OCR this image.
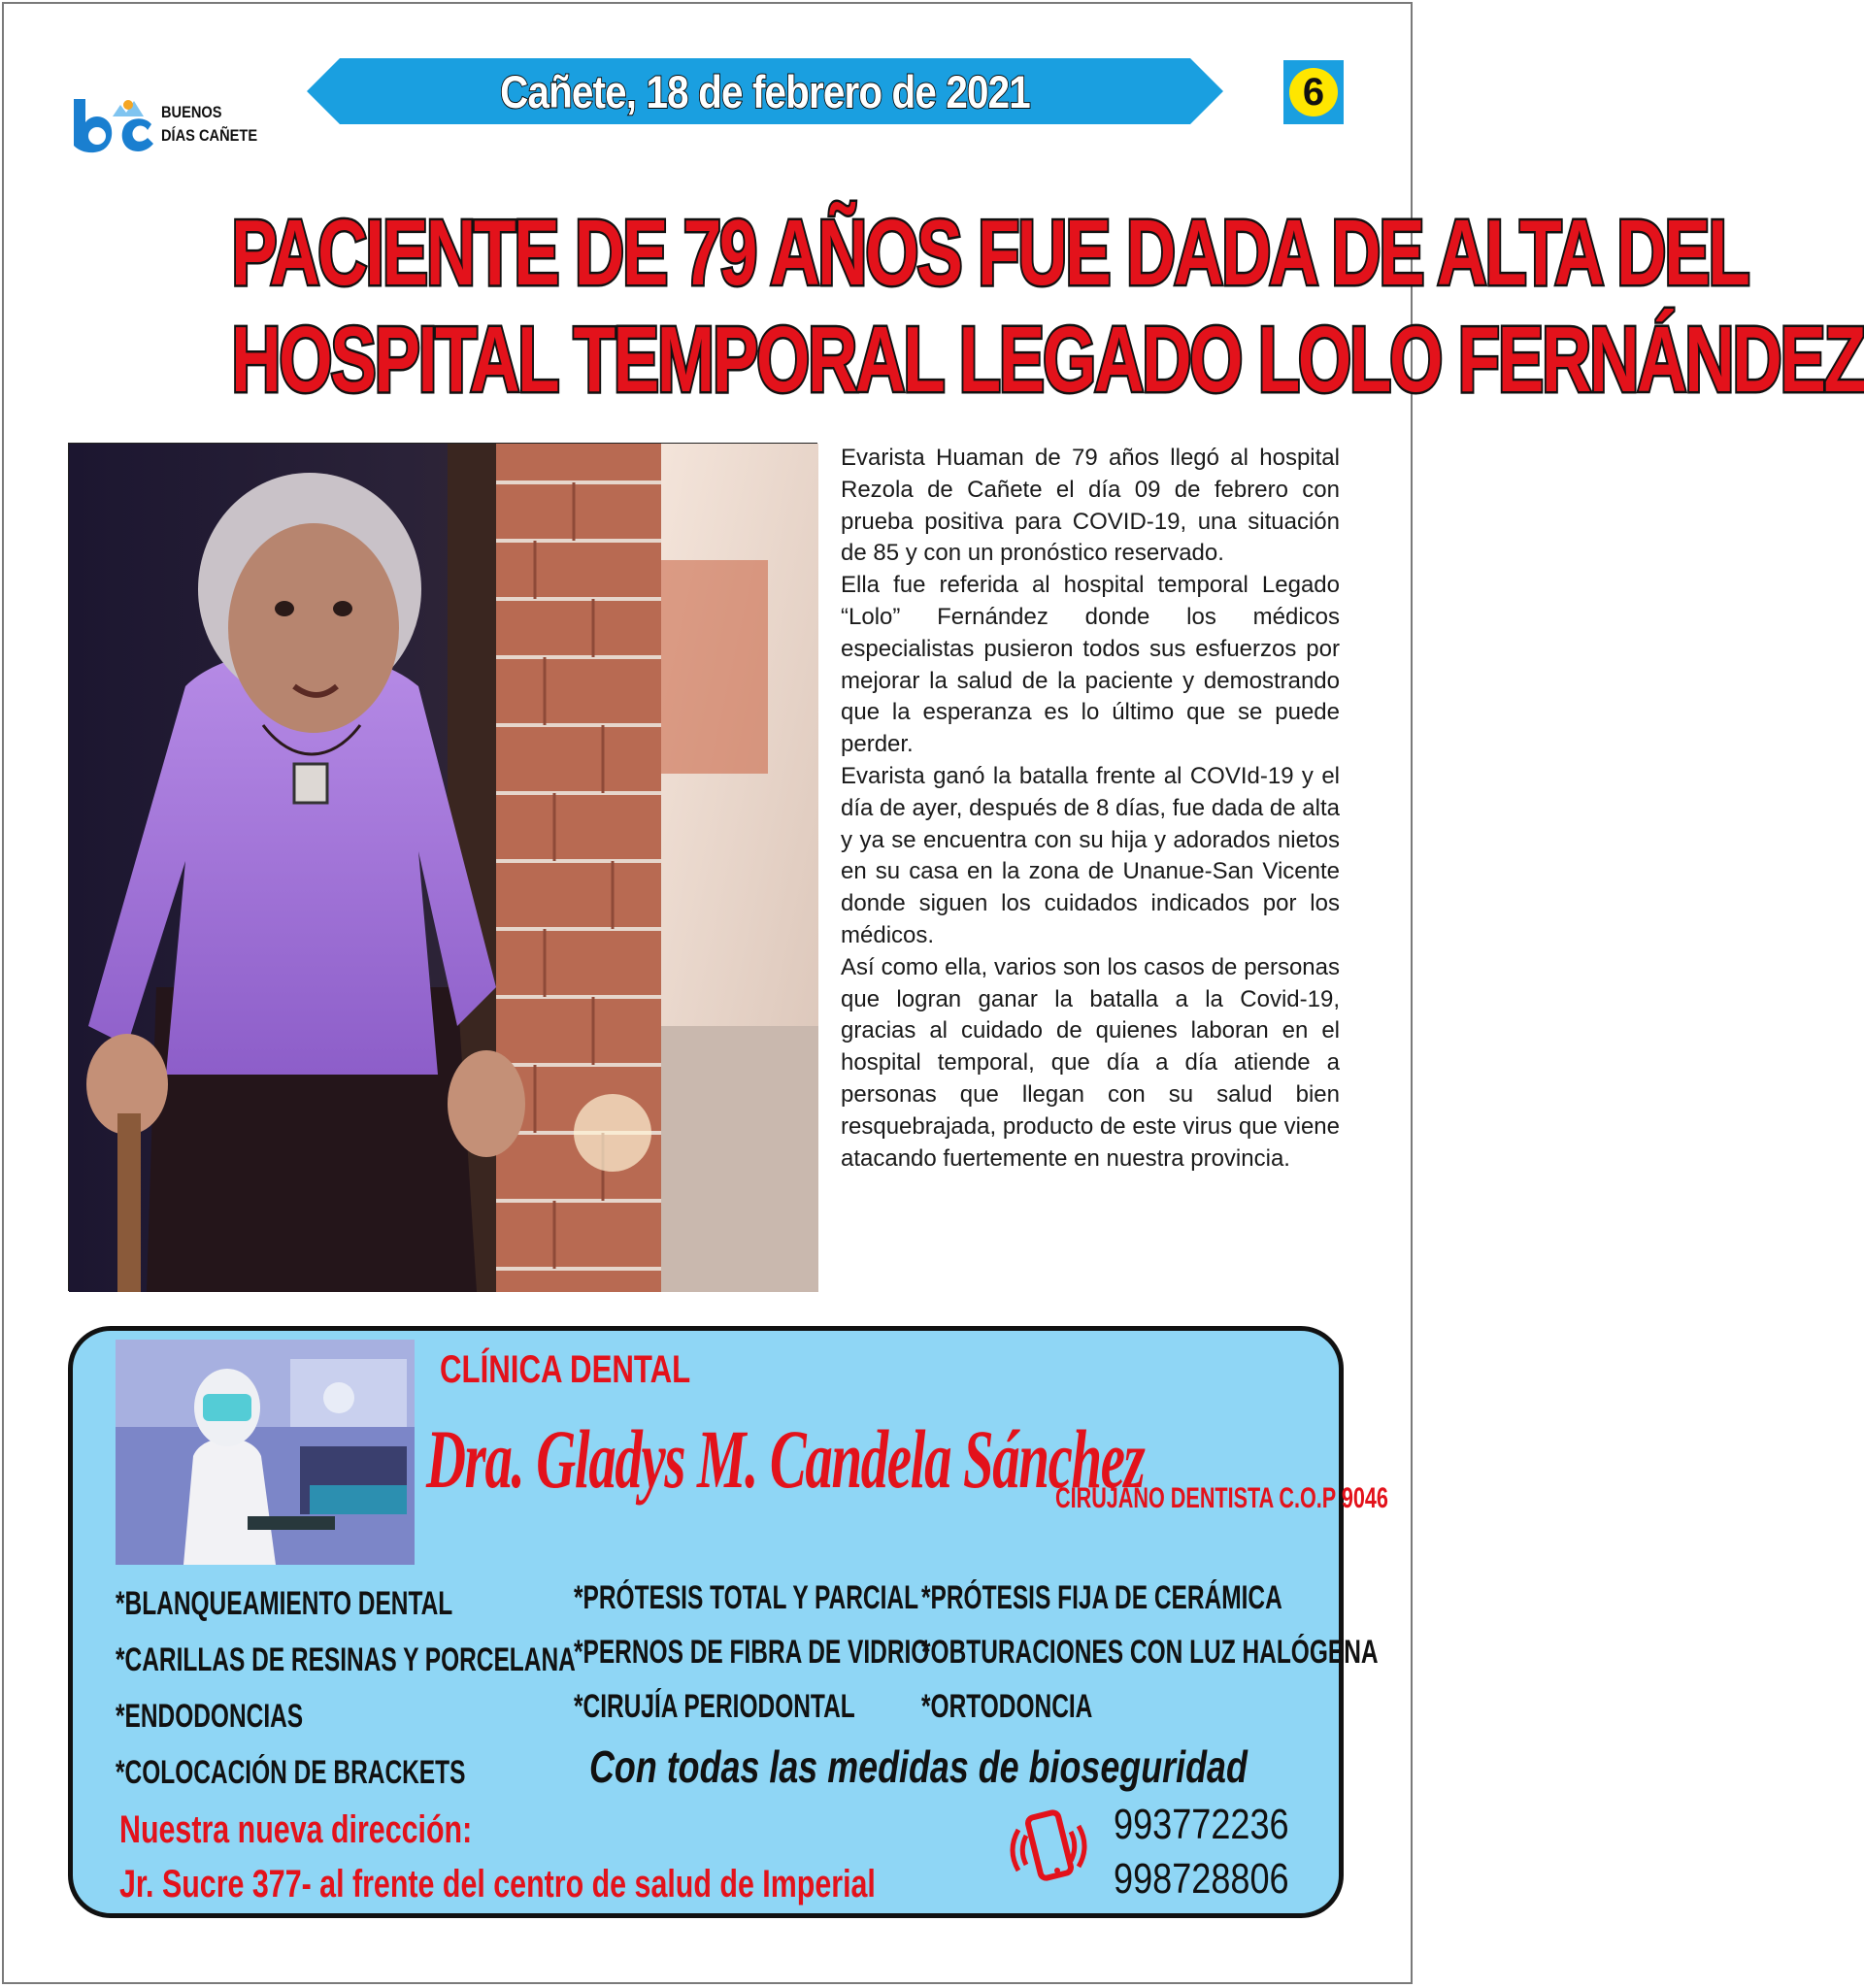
BUENOS
DÍAS CAÑETE
Cañete, 18 de febrero de 2021	6
PACIENTE DE 79 AÑOS FUE DADA DE ALTA DEL
HOSPITAL TEMPORAL LEGADO LOLO FERNÁNDEZ

Evarista Huaman de 79 años llegó al hospital Rezola de Cañete el día 09 de febrero con prueba positiva para COVID-19, una situación de 85 y con un pronóstico reservado.

Ella fue referida al hospital temporal Legado “Lolo” Fernández donde los médicos especialistas pusieron todos sus esfuerzos por mejorar la salud de la paciente y demostrando que la esperanza es lo último que se puede perder.

Evarista ganó la batalla frente al COVId-19 y el día de ayer, después de 8 días, fue dada de alta y ya se encuentra con su hija y adorados nietos en su casa en la zona de Unanue-San Vicente donde siguen los cuidados indicados por los médicos.

Así como ella, varios son los casos de personas que logran ganar la batalla a la Covid-19, gracias al cuidado de quienes laboran en el hospital temporal, que día a día atiende a personas que llegan con su salud bien resquebrajada, producto de este virus que viene atacando fuertemente en nuestra provincia.

CLÍNICA DENTAL
Dra. Gladys M. Candela Sánchez
CIRUJANO DENTISTA C.O.P 9046
*BLANQUEAMIENTO DENTAL
*CARILLAS DE RESINAS Y PORCELANA
*ENDODONCIAS
*COLOCACIÓN DE BRACKETS
*PRÓTESIS TOTAL Y PARCIAL
*PERNOS DE FIBRA DE VIDRIO
*CIRUJÍA PERIODONTAL
*PRÓTESIS FIJA DE CERÁMICA
*OBTURACIONES CON LUZ HALÓGENA
*ORTODONCIA
Con todas las medidas de bioseguridad
Nuestra nueva dirección:
Jr. Sucre 377- al frente del centro de salud de Imperial
993772236
998728806
